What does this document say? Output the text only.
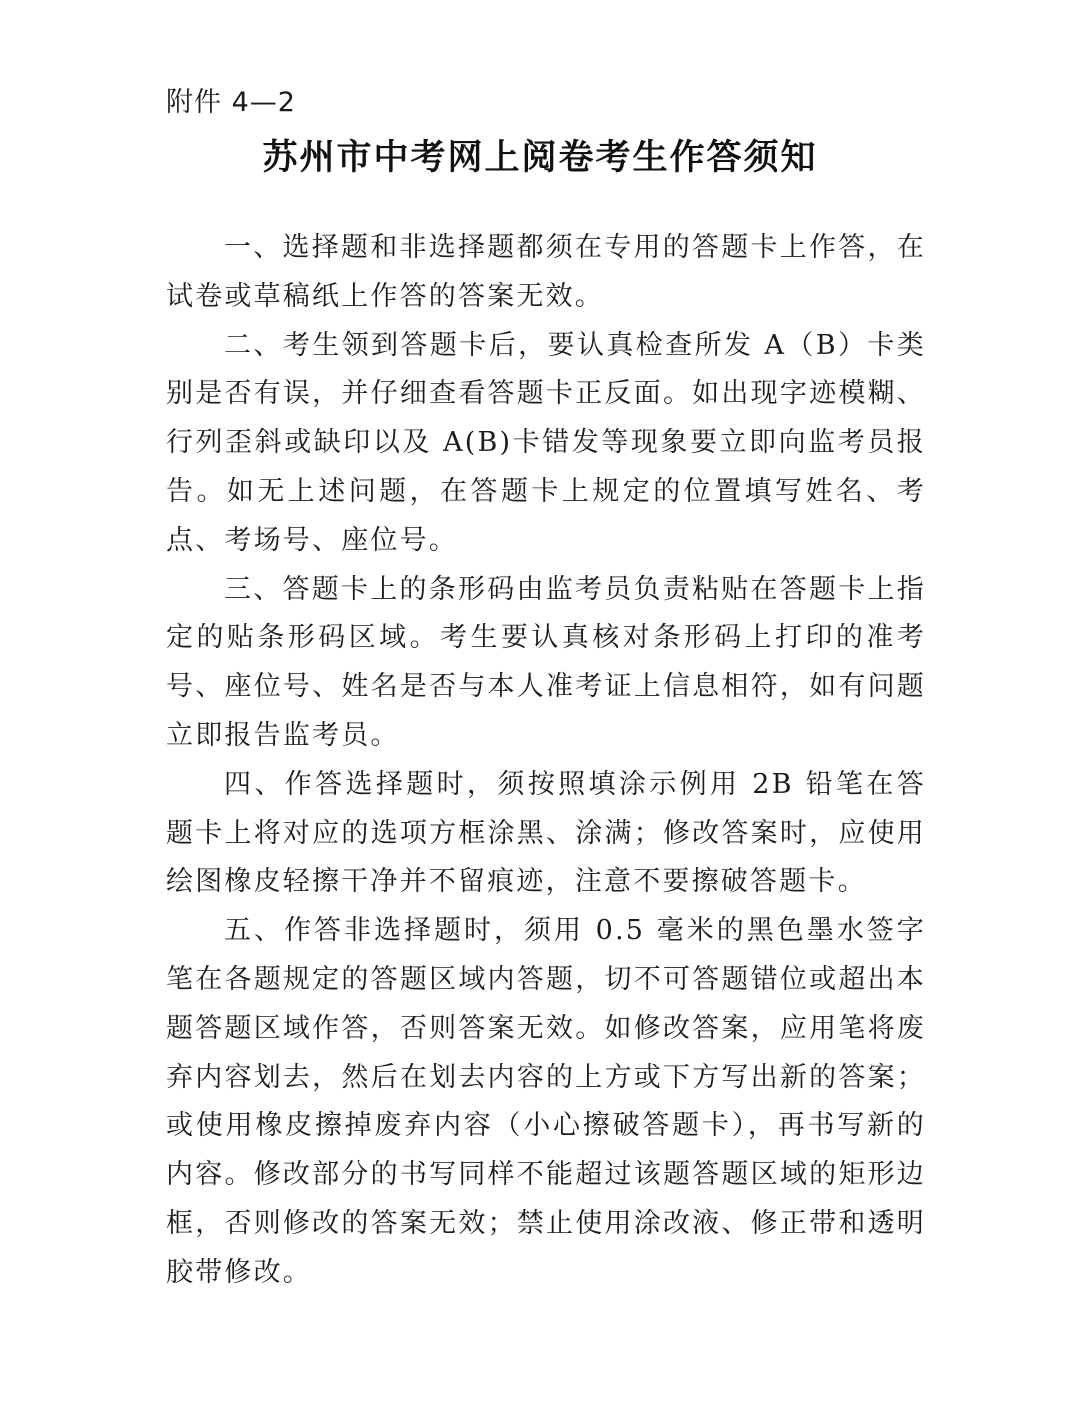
附件 4—2
苏州市中考网上阅卷考生作答须知

一、选择题和非选择题都须在专用的答题卡上作答，在试卷或草稿纸上作答的答案无效。

二、考生领到答题卡后，要认真检查所发 A（B）卡类别是否有误，并仔细查看答题卡正反面。如出现字迹模糊、行列歪斜或缺印以及 A(B)卡错发等现象要立即向监考员报告。如无上述问题，在答题卡上规定的位置填写姓名、考点、考场号、座位号。

三、答题卡上的条形码由监考员负责粘贴在答题卡上指定的贴条形码区域。考生要认真核对条形码上打印的准考号、座位号、姓名是否与本人准考证上信息相符，如有问题立即报告监考员。

四、作答选择题时，须按照填涂示例用 2B 铅笔在答题卡上将对应的选项方框涂黑、涂满；修改答案时，应使用绘图橡皮轻擦干净并不留痕迹，注意不要擦破答题卡。

五、作答非选择题时，须用 0.5 毫米的黑色墨水签字笔在各题规定的答题区域内答题，切不可答题错位或超出本题答题区域作答，否则答案无效。如修改答案，应用笔将废弃内容划去，然后在划去内容的上方或下方写出新的答案；或使用橡皮擦掉废弃内容（小心擦破答题卡），再书写新的内容。修改部分的书写同样不能超过该题答题区域的矩形边框，否则修改的答案无效；禁止使用涂改液、修正带和透明胶带修改。
